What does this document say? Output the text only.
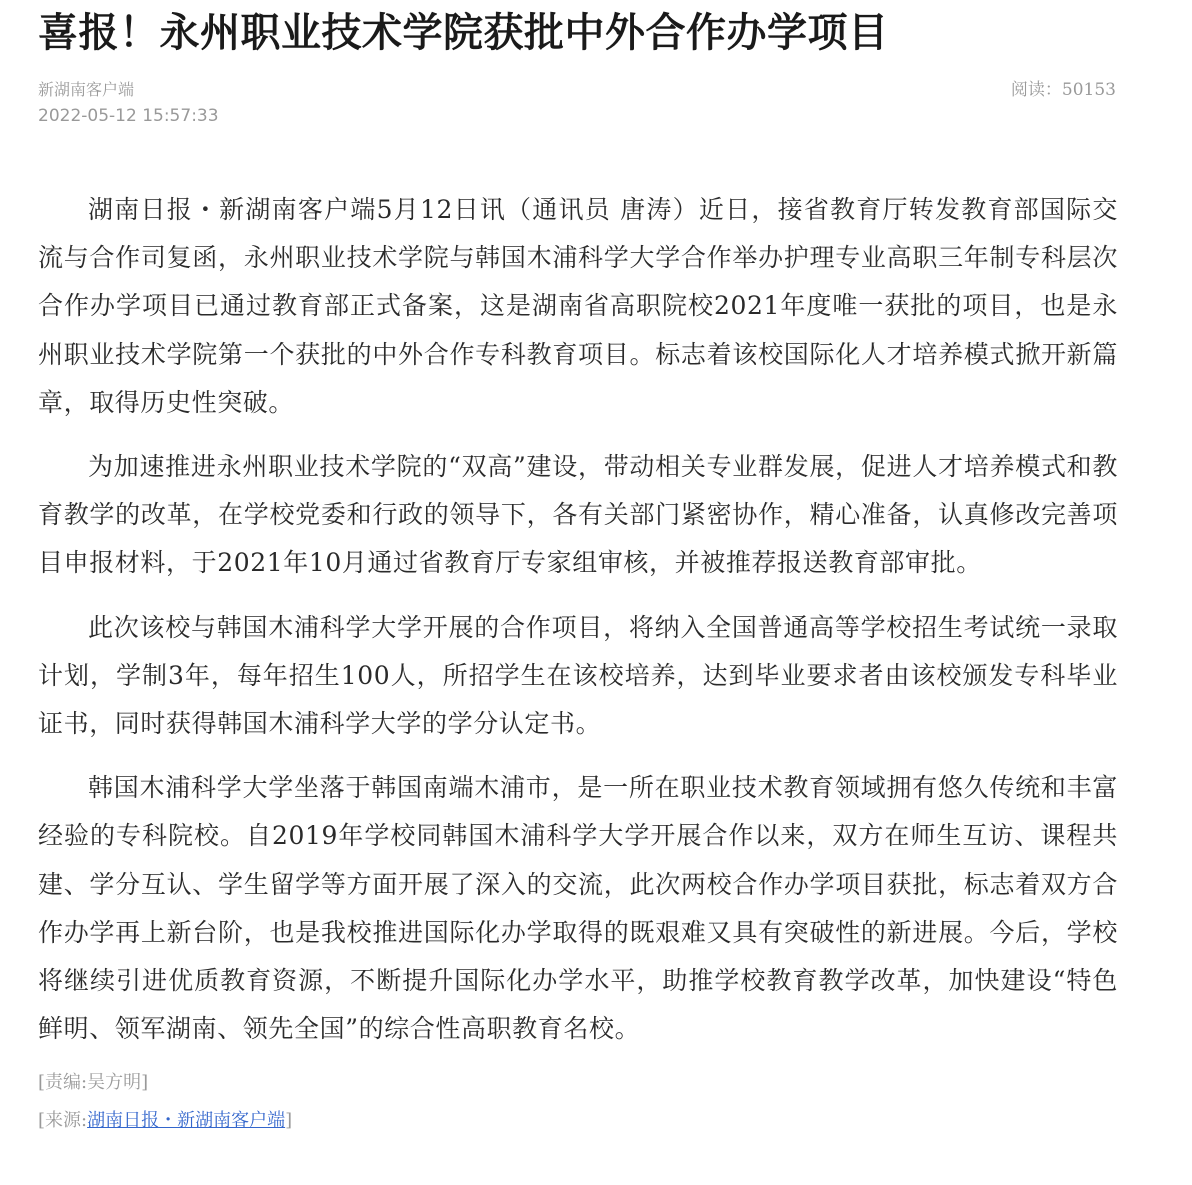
喜报！永州职业技术学院获批中外合作办学项目
新湖南客户端
2022-05-12 15:57:33
阅读：50153

湖南日报・新湖南客户端5月12日讯（通讯员 唐涛）近日，接省教育厅转发教育部国际交流与合作司复函，永州职业技术学院与韩国木浦科学大学合作举办护理专业高职三年制专科层次合作办学项目已通过教育部正式备案，这是湖南省高职院校2021年度唯一获批的项目，也是永州职业技术学院第一个获批的中外合作专科教育项目。标志着该校国际化人才培养模式掀开新篇章，取得历史性突破。

为加速推进永州职业技术学院的“双高”建设，带动相关专业群发展，促进人才培养模式和教育教学的改革，在学校党委和行政的领导下，各有关部门紧密协作，精心准备，认真修改完善项目申报材料，于2021年10月通过省教育厅专家组审核，并被推荐报送教育部审批。

此次该校与韩国木浦科学大学开展的合作项目，将纳入全国普通高等学校招生考试统一录取计划，学制3年，每年招生100人，所招学生在该校培养，达到毕业要求者由该校颁发专科毕业证书，同时获得韩国木浦科学大学的学分认定书。

韩国木浦科学大学坐落于韩国南端木浦市，是一所在职业技术教育领域拥有悠久传统和丰富经验的专科院校。自2019年学校同韩国木浦科学大学开展合作以来，双方在师生互访、课程共建、学分互认、学生留学等方面开展了深入的交流，此次两校合作办学项目获批，标志着双方合作办学再上新台阶，也是我校推进国际化办学取得的既艰难又具有突破性的新进展。今后，学校将继续引进优质教育资源，不断提升国际化办学水平，助推学校教育教学改革，加快建设“特色鲜明、领军湖南、领先全国”的综合性高职教育名校。

[责编:吴方明]
[来源:湖南日报・新湖南客户端]
